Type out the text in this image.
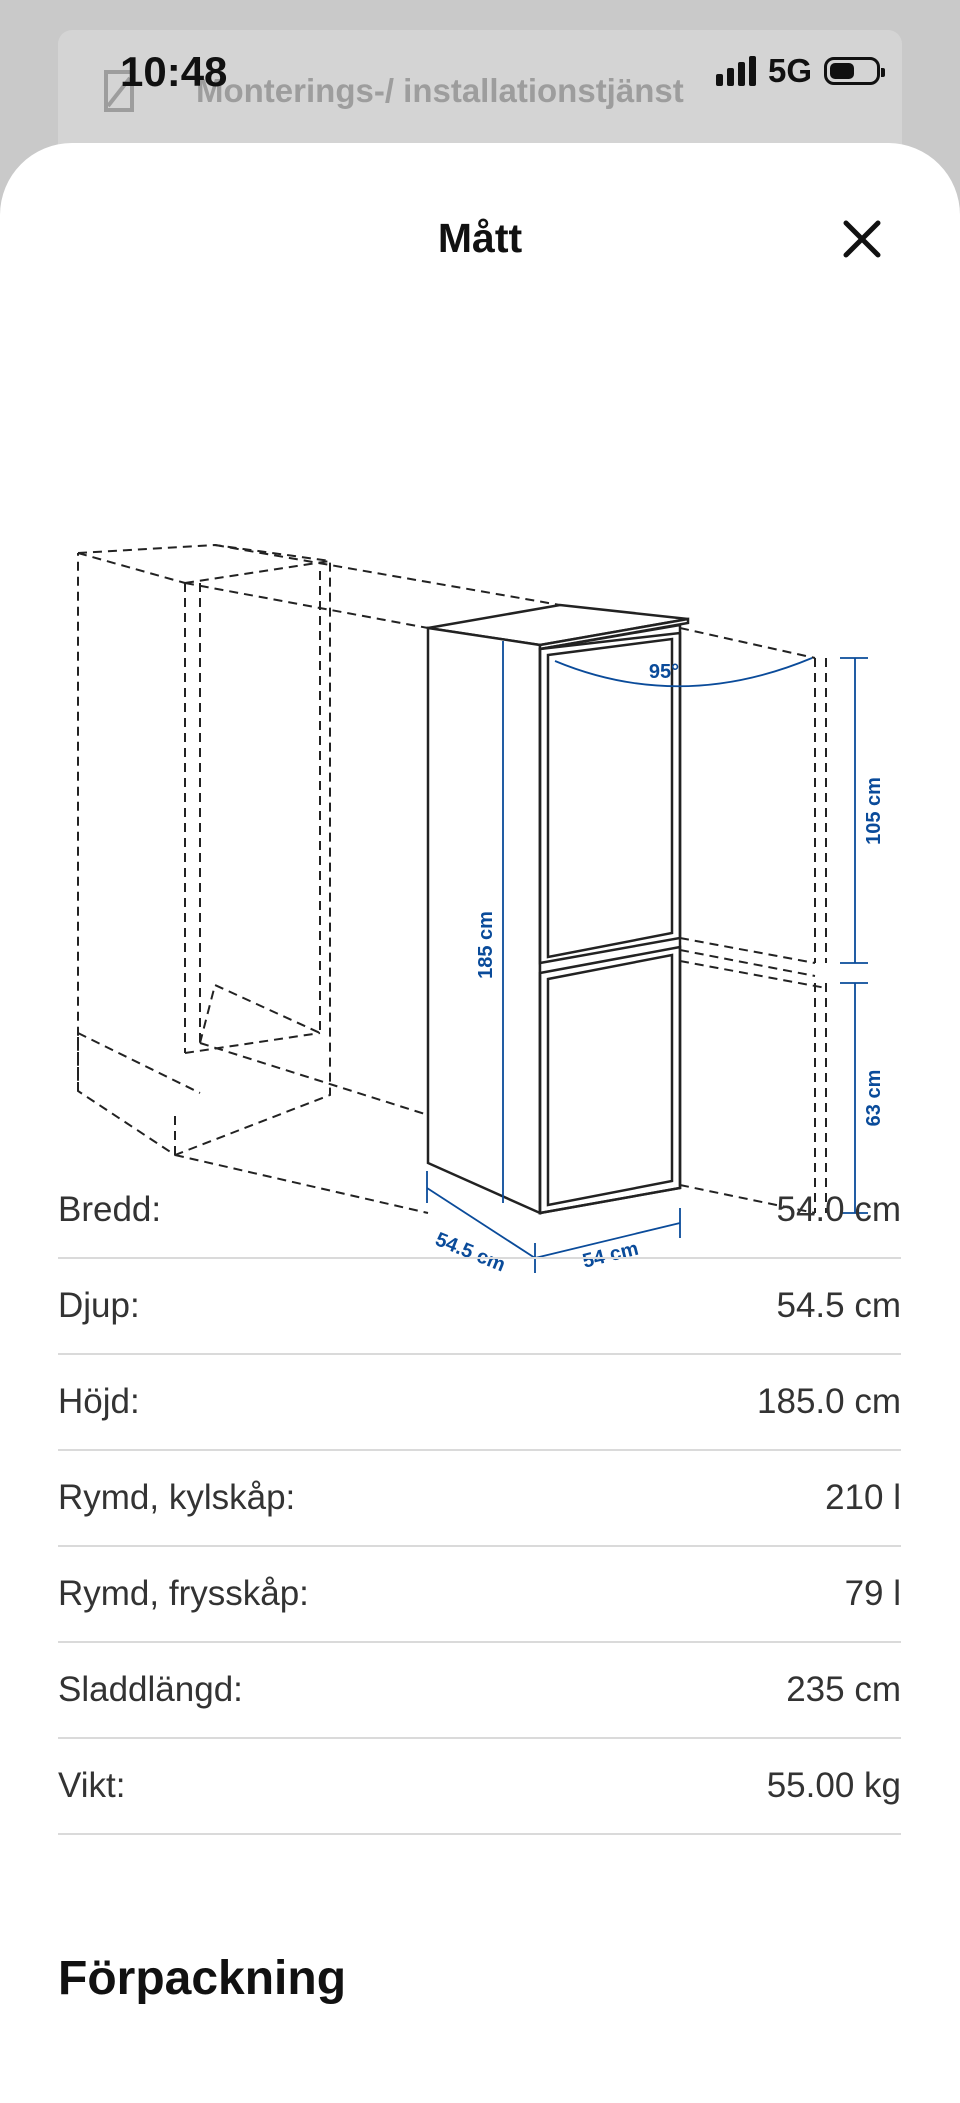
Monterings-/ installationstjänst
10:48	5G
Mått
95°
185 cm
105 cm
63 cm
54.5 cm	54 cm
Bredd:	54.0 cm
Djup:	54.5 cm
Höjd:	185.0 cm
Rymd, kylskåp:	210 l
Rymd, frysskåp:	79 l
Sladdlängd:	235 cm
Vikt:	55.00 kg
Förpackning
